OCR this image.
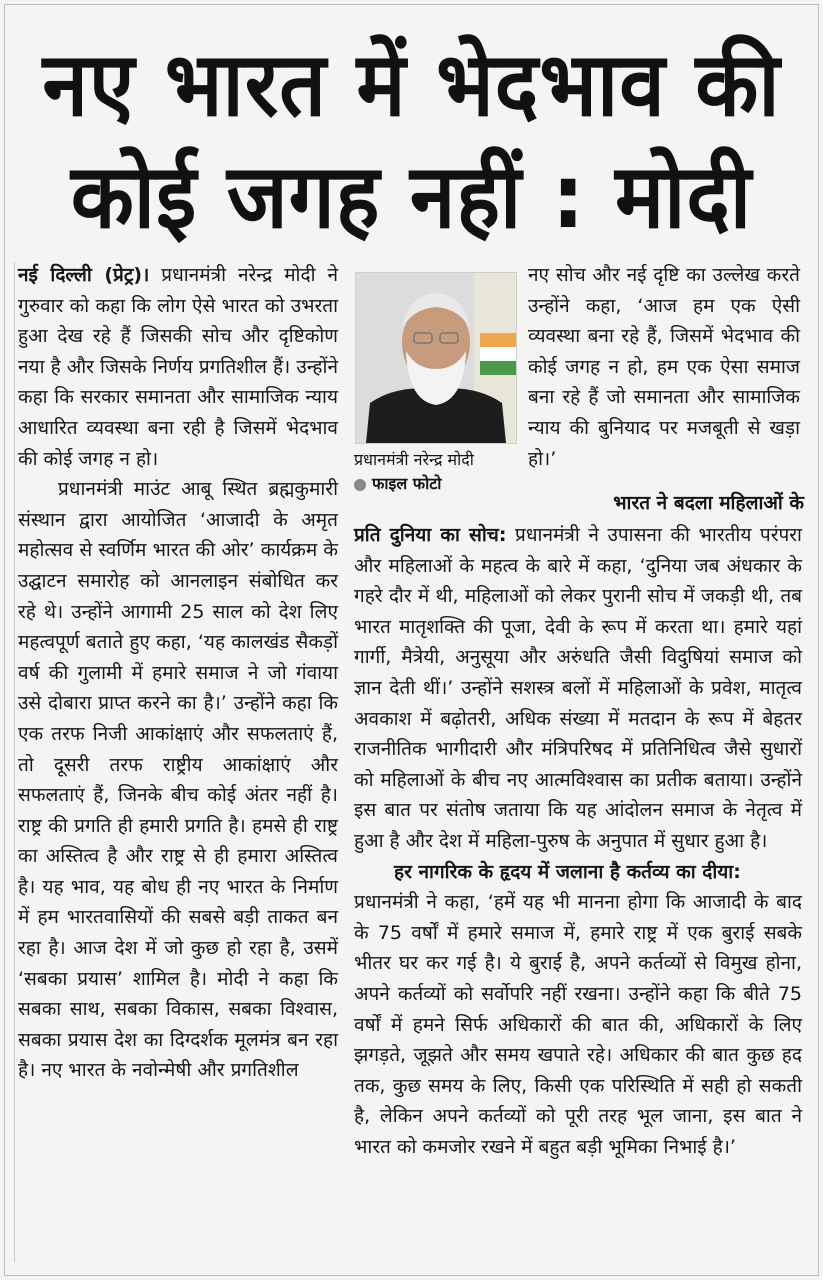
नए भारत में भेदभाव की
कोई जगह नहीं : मोदी

नई दिल्ली (प्रेट्र)। प्रधानमंत्री नरेन्द्र मोदी ने गुरुवार को कहा कि लोग ऐसे भारत को उभरता हुआ देख रहे हैं जिसकी सोच और दृष्टिकोण नया है और जिसके निर्णय प्रगतिशील हैं। उन्होंने कहा कि सरकार समानता और सामाजिक न्याय आधारित व्यवस्था बना रही है जिसमें भेदभाव की कोई जगह न हो।

प्रधानमंत्री माउंट आबू स्थित ब्रह्मकुमारी संस्थान द्वारा आयोजित ‘आजादी के अमृत महोत्सव से स्वर्णिम भारत की ओर’ कार्यक्रम के उद्घाटन समारोह को आनलाइन संबोधित कर रहे थे। उन्होंने आगामी 25 साल को देश लिए महत्वपूर्ण बताते हुए कहा, ‘यह कालखंड सैकड़ों वर्ष की गुलामी में हमारे समाज ने जो गंवाया उसे दोबारा प्राप्त करने का है।’ उन्होंने कहा कि एक तरफ निजी आकांक्षाएं और सफलताएं हैं, तो दूसरी तरफ राष्ट्रीय आकांक्षाएं और सफलताएं हैं, जिनके बीच कोई अंतर नहीं है। राष्ट्र की प्रगति ही हमारी प्रगति है। हमसे ही राष्ट्र का अस्तित्व है और राष्ट्र से ही हमारा अस्तित्व है। यह भाव, यह बोध ही नए भारत के निर्माण में हम भारतवासियों की सबसे बड़ी ताकत बन रहा है। आज देश में जो कुछ हो रहा है, उसमें ‘सबका प्रयास’ शामिल है। मोदी ने कहा कि सबका साथ, सबका विकास, सबका विश्वास, सबका प्रयास देश का दिग्दर्शक मूलमंत्र बन रहा है। नए भारत के नवोन्मेषी और प्रगतिशील

प्रधानमंत्री नरेन्द्र मोदी
फाइल फोटो

नए सोच और नई दृष्टि का उल्लेख करते उन्होंने कहा, ‘आज हम एक ऐसी व्यवस्था बना रहे हैं, जिसमें भेदभाव की कोई जगह न हो, हम एक ऐसा समाज बना रहे हैं जो समानता और सामाजिक न्याय की बुनियाद पर मजबूती से खड़ा हो।’

भारत ने बदला महिलाओं के

प्रति दुनिया का सोच: प्रधानमंत्री ने उपासना की भारतीय परंपरा और महिलाओं के महत्व के बारे में कहा, ‘दुनिया जब अंधकार के गहरे दौर में थी, महिलाओं को लेकर पुरानी सोच में जकड़ी थी, तब भारत मातृशक्ति की पूजा, देवी के रूप में करता था। हमारे यहां गार्गी, मैत्रेयी, अनुसूया और अरुंधति जैसी विदुषियां समाज को ज्ञान देती थीं।’ उन्होंने सशस्त्र बलों में महिलाओं के प्रवेश, मातृत्व अवकाश में बढ़ोतरी, अधिक संख्या में मतदान के रूप में बेहतर राजनीतिक भागीदारी और मंत्रिपरिषद में प्रतिनिधित्व जैसे सुधारों को महिलाओं के बीच नए आत्मविश्वास का प्रतीक बताया। उन्होंने इस बात पर संतोष जताया कि यह आंदोलन समाज के नेतृत्व में हुआ है और देश में महिला-पुरुष के अनुपात में सुधार हुआ है।

हर नागरिक के हृदय में जलाना है कर्तव्य का दीया:

प्रधानमंत्री ने कहा, ‘हमें यह भी मानना होगा कि आजादी के बाद के 75 वर्षों में हमारे समाज में, हमारे राष्ट्र में एक बुराई सबके भीतर घर कर गई है। ये बुराई है, अपने कर्तव्यों से विमुख होना, अपने कर्तव्यों को सर्वोपरि नहीं रखना। उन्होंने कहा कि बीते 75 वर्षों में हमने सिर्फ अधिकारों की बात की, अधिकारों के लिए झगड़ते, जूझते और समय खपाते रहे। अधिकार की बात कुछ हद तक, कुछ समय के लिए, किसी एक परिस्थिति में सही हो सकती है, लेकिन अपने कर्तव्यों को पूरी तरह भूल जाना, इस बात ने भारत को कमजोर रखने में बहुत बड़ी भूमिका निभाई है।’
